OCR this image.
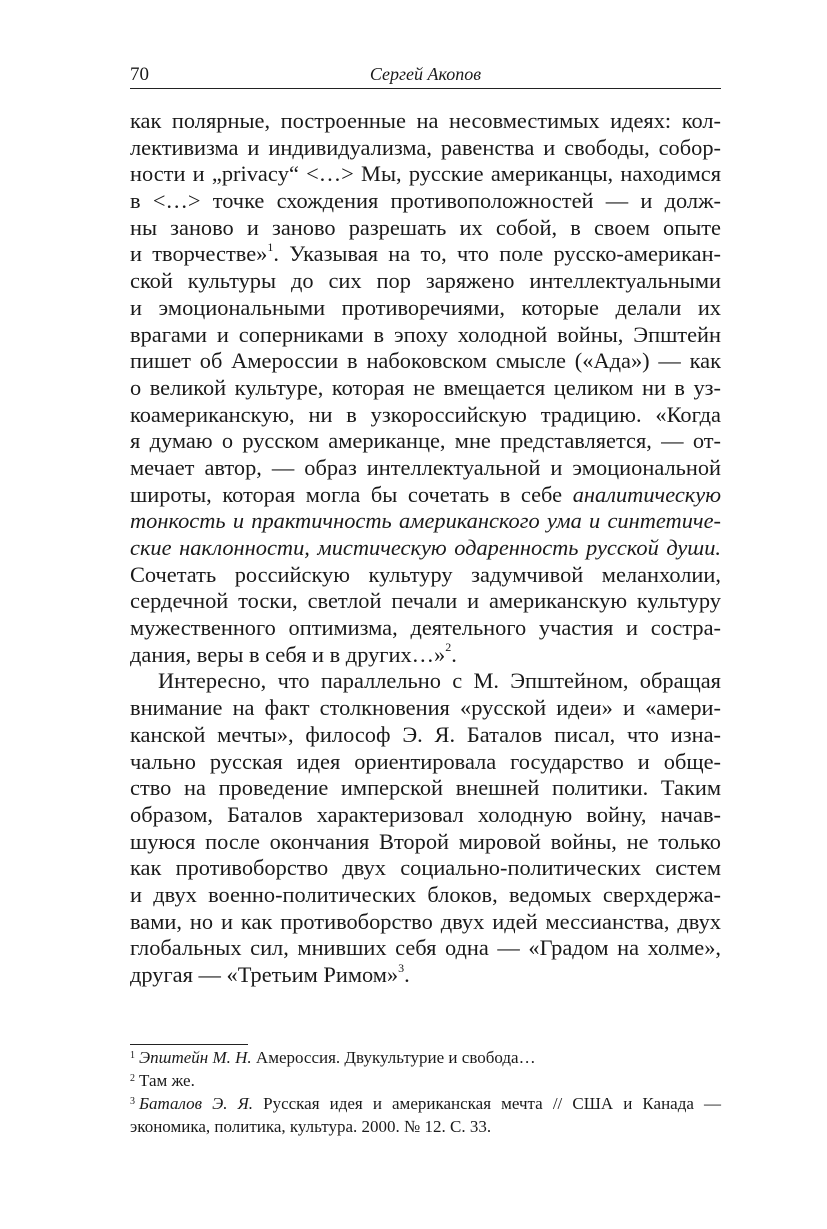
70	Сергей Акопов
как полярные, построенные на несовместимых идеях: кол-
лективизма и индивидуализма, равенства и свободы, собор-
ности и „privacy“ <…> Мы, русские американцы, находимся
в <…> точке схождения противоположностей — и долж-
ны заново и заново разрешать их собой, в своем опыте
и творчестве»$^1$. Указывая на то, что поле русско-американ-
ской культуры до сих пор заряжено интеллектуальными
и эмоциональными противоречиями, которые делали их
врагами и соперниками в эпоху холодной войны, Эпштейн
пишет об Амероссии в набоковском смысле («Ада») — как
о великой культуре, которая не вмещается целиком ни в уз-
коамериканскую, ни в узкороссийскую традицию. «Когда
я думаю о русском американце, мне представляется, — от-
мечает автор, — образ интеллектуальной и эмоциональной
широты, которая могла бы сочетать в себе аналитическую
тонкость и практичность американского ума и синтетиче-
ские наклонности, мистическую одаренность русской души.
Сочетать российскую культуру задумчивой меланхолии,
сердечной тоски, светлой печали и американскую культуру
мужественного оптимизма, деятельного участия и состра-
дания, веры в себя и в других…»$^2$.
Интересно, что параллельно с М. Эпштейном, обращая
внимание на факт столкновения «русской идеи» и «амери-
канской мечты», философ Э. Я. Баталов писал, что изна-
чально русская идея ориентировала государство и обще-
ство на проведение имперской внешней политики. Таким
образом, Баталов характеризовал холодную войну, начав-
шуюся после окончания Второй мировой войны, не только
как противоборство двух социально-политических систем
и двух военно-политических блоков, ведомых сверхдержа-
вами, но и как противоборство двух идей мессианства, двух
глобальных сил, мнивших себя одна — «Градом на холме»,
другая — «Третьим Римом»$^3$.
$^1$ Эпштейн М. Н. Амероссия. Двукультурие и свобода…
$^2$ Там же.
$^3$ Баталов Э. Я. Русская идея и американская мечта // США и Канада —
экономика, политика, культура. 2000. № 12. С. 33.
